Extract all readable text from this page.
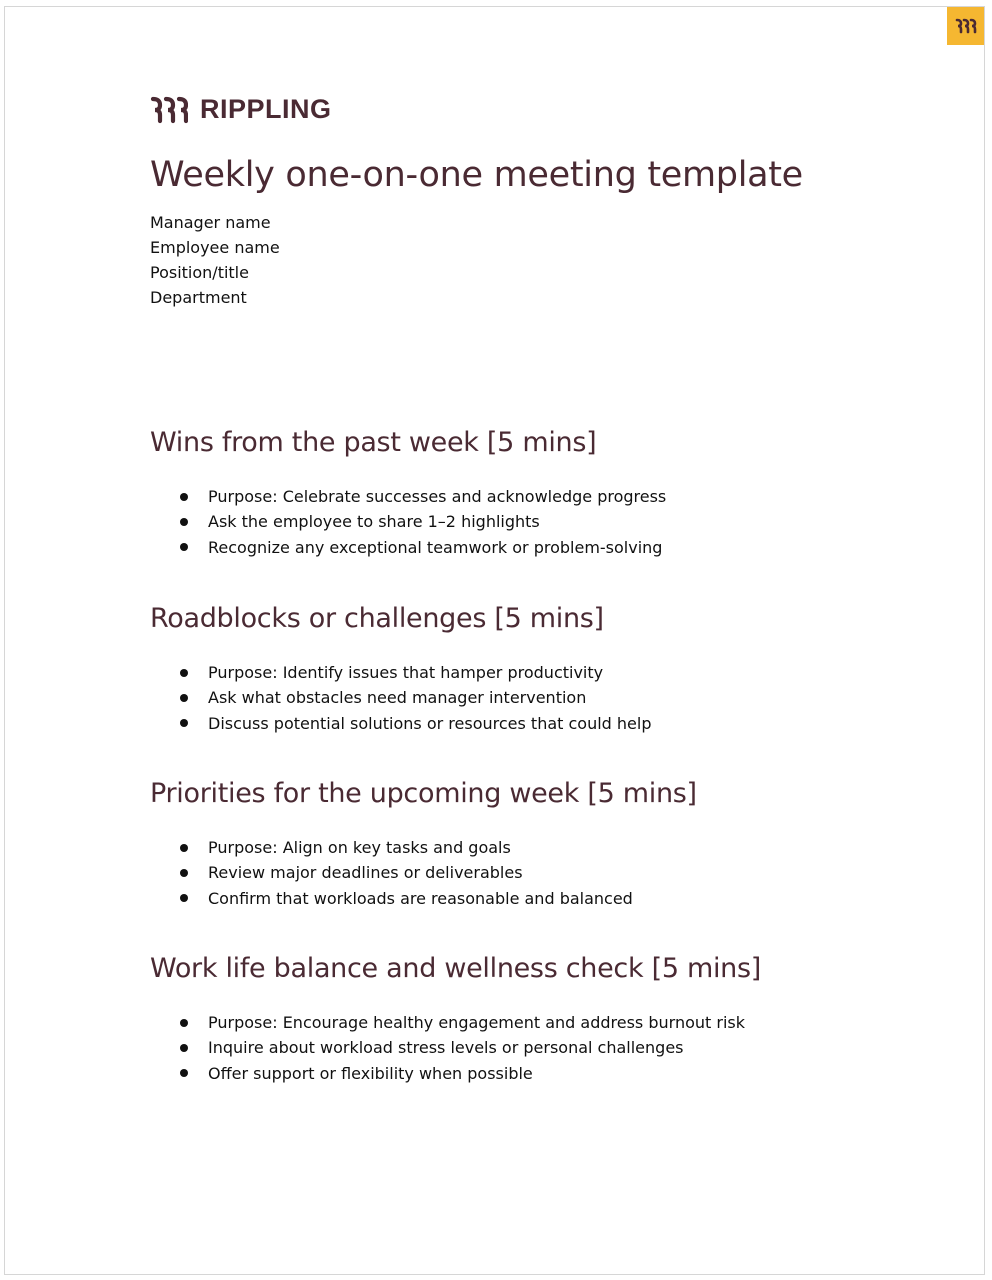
RIPPLING
Weekly one-on-one meeting template
Manager name
Employee name
Position/title
Department
Wins from the past week [5 mins]
Purpose: Celebrate successes and acknowledge progress
Ask the employee to share 1–2 highlights
Recognize any exceptional teamwork or problem-solving
Roadblocks or challenges [5 mins]
Purpose: Identify issues that hamper productivity
Ask what obstacles need manager intervention
Discuss potential solutions or resources that could help
Priorities for the upcoming week [5 mins]
Purpose: Align on key tasks and goals
Review major deadlines or deliverables
Confirm that workloads are reasonable and balanced
Work life balance and wellness check [5 mins]
Purpose: Encourage healthy engagement and address burnout risk
Inquire about workload stress levels or personal challenges
Offer support or flexibility when possible
